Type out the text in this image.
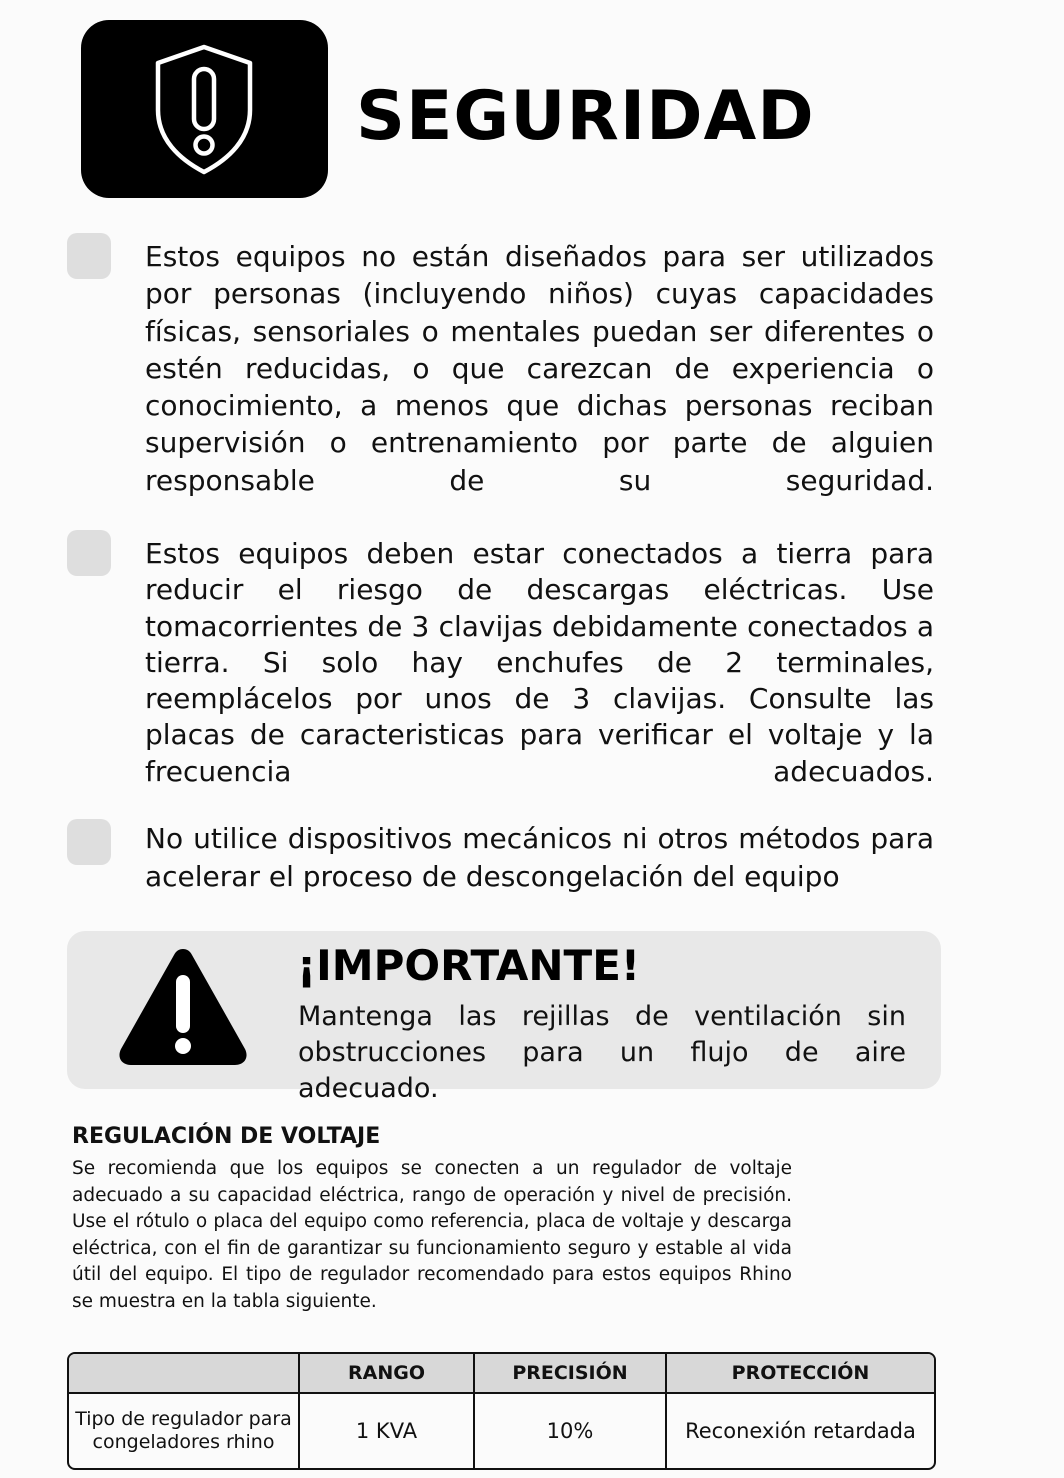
SEGURIDAD

Estos equipos no están diseñados para ser utilizados por personas (incluyendo niños) cuyas capacidades físicas, sensoriales o mentales puedan ser diferentes o estén reducidas, o que carezcan de experiencia o conocimiento, a menos que dichas personas reciban supervisión o entrenamiento por parte de alguien responsable de su seguridad.

Estos equipos deben estar conectados a tierra para reducir el riesgo de descargas eléctricas. Use tomacorrientes de 3 clavijas debidamente conectados a tierra. Si solo hay enchufes de 2 terminales, reemplácelos por unos de 3 clavijas. Consulte las placas de caracteristicas para verificar el voltaje y la frecuencia adecuados.

No utilice dispositivos mecánicos ni otros métodos para acelerar el proceso de descongelación del equipo

¡IMPORTANTE!

Mantenga las rejillas de ventilación sin obstrucciones para un flujo de aire adecuado.

REGULACIÓN DE VOLTAJE

Se recomienda que los equipos se conecten a un regulador de voltaje adecuado a su capacidad eléctrica, rango de operación y nivel de precisión. Use el rótulo o placa del equipo como referencia, placa de voltaje y descarga eléctrica, con el fin de garantizar su funcionamiento seguro y estable al vida útil del equipo. El tipo de regulador recomendado para estos equipos Rhino se muestra en la tabla siguiente.

	RANGO	PRECISIÓN	PROTECCIÓN
Tipo de regulador para congeladores rhino	1 KVA	10%	Reconexión retardada
